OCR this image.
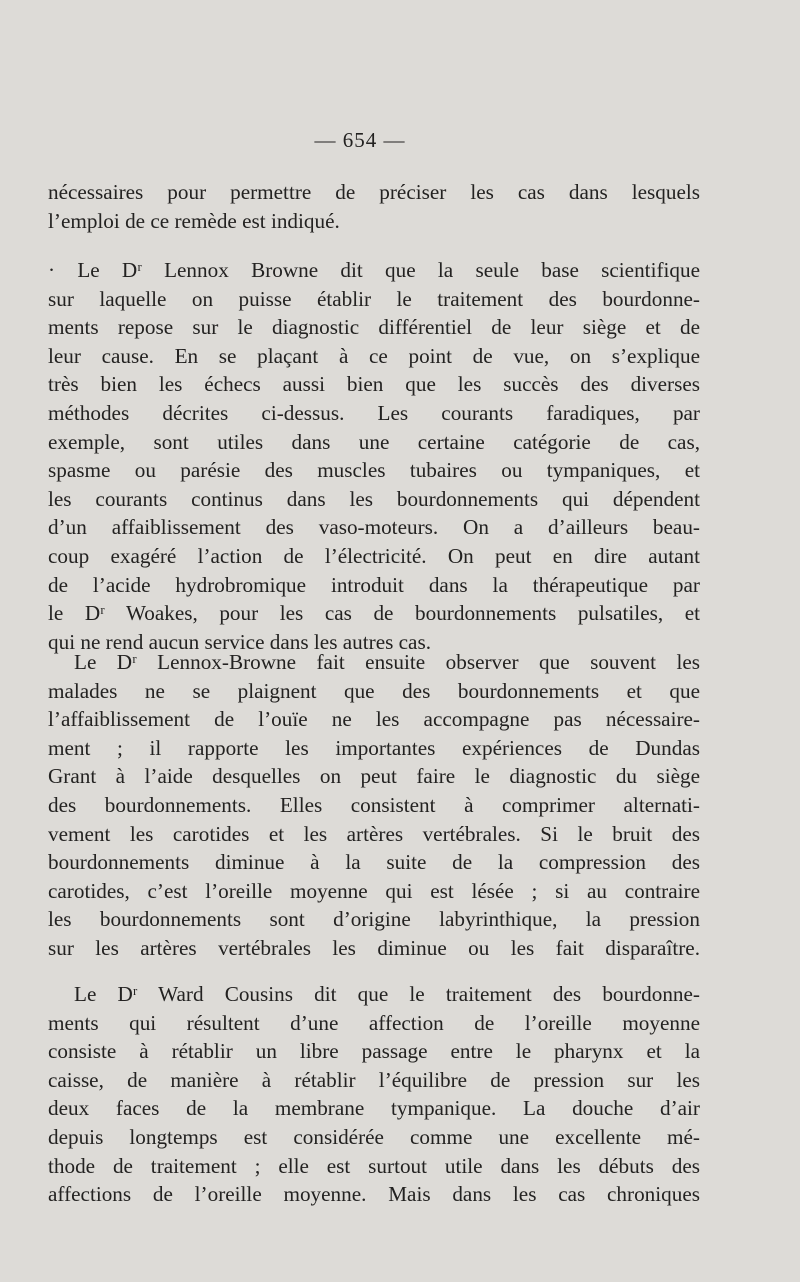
— 654 —
nécessaires pour permettre de préciser les cas dans lesquels
l’emploi de ce remède est indiqué.
· Le Dʳ Lennox Browne dit que la seule base scientifique
sur laquelle on puisse établir le traitement des bourdonne-
ments repose sur le diagnostic différentiel de leur siège et de
leur cause. En se plaçant à ce point de vue, on s’explique
très bien les échecs aussi bien que les succès des diverses
méthodes décrites ci-dessus. Les courants faradiques, par
exemple, sont utiles dans une certaine catégorie de cas,
spasme ou parésie des muscles tubaires ou tympaniques, et
les courants continus dans les bourdonnements qui dépendent
d’un affaiblissement des vaso-moteurs. On a d’ailleurs beau-
coup exagéré l’action de l’électricité. On peut en dire autant
de l’acide hydrobromique introduit dans la thérapeutique par
le Dʳ Woakes, pour les cas de bourdonnements pulsatiles, et
qui ne rend aucun service dans les autres cas.
Le Dʳ Lennox-Browne fait ensuite observer que souvent les
malades ne se plaignent que des bourdonnements et que
l’affaiblissement de l’ouïe ne les accompagne pas nécessaire-
ment ; il rapporte les importantes expériences de Dundas
Grant à l’aide desquelles on peut faire le diagnostic du siège
des bourdonnements. Elles consistent à comprimer alternati-
vement les carotides et les artères vertébrales. Si le bruit des
bourdonnements diminue à la suite de la compression des
carotides, c’est l’oreille moyenne qui est lésée ; si au contraire
les bourdonnements sont d’origine labyrinthique, la pression
sur les artères vertébrales les diminue ou les fait disparaître.
Le Dʳ Ward Cousins dit que le traitement des bourdonne-
ments qui résultent d’une affection de l’oreille moyenne
consiste à rétablir un libre passage entre le pharynx et la
caisse, de manière à rétablir l’équilibre de pression sur les
deux faces de la membrane tympanique. La douche d’air
depuis longtemps est considérée comme une excellente mé-
thode de traitement ; elle est surtout utile dans les débuts des
affections de l’oreille moyenne. Mais dans les cas chroniques
